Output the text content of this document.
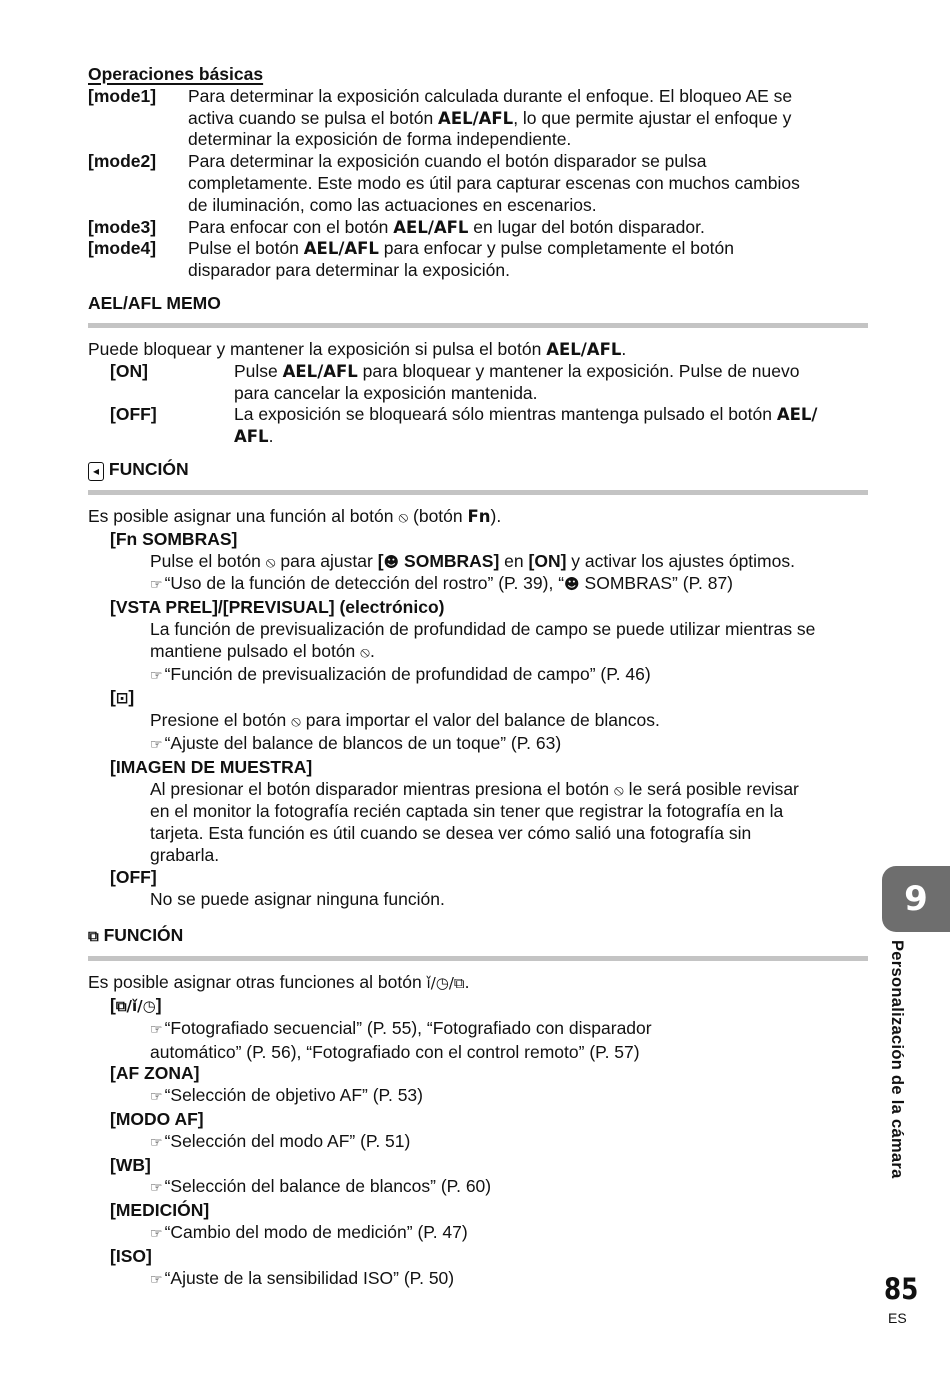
Operaciones básicas
[mode1]	Para determinar la exposición calculada durante el enfoque. El bloqueo AE se
activa cuando se pulsa el botón AEL/AFL, lo que permite ajustar el enfoque y
determinar la exposición de forma independiente.

[mode2]	Para determinar la exposición cuando el botón disparador se pulsa
completamente. Este modo es útil para capturar escenas con muchos cambios
de iluminación, como las actuaciones en escenarios.

[mode3]	Para enfocar con el botón AEL/AFL en lugar del botón disparador.

[mode4]	Pulse el botón AEL/AFL para enfocar y pulse completamente el botón
disparador para determinar la exposición.
AEL/AFL MEMO
Puede bloquear y mantener la exposición si pulsa el botón AEL/AFL.
[ON]	Pulse AEL/AFL para bloquear y mantener la exposición. Pulse de nuevo
para cancelar la exposición mantenida.

[OFF]	La exposición se bloqueará sólo mientras mantenga pulsado el botón AEL/
AFL.
◂ FUNCIÓN
Es posible asignar una función al botón ⦸ (botón Fn).
[Fn SOMBRAS]
Pulse el botón ⦸ para ajustar [☻ SOMBRAS] en [ON] y activar los ajustes óptimos.
☞ “Uso de la función de detección del rostro” (P. 39), “☻ SOMBRAS” (P. 87)
[VSTA PREL]/[PREVISUAL] (electrónico)
La función de previsualización de profundidad de campo se puede utilizar mientras se
mantiene pulsado el botón ⦸.
☞ “Función de previsualización de profundidad de campo” (P. 46)
[⊡]
Presione el botón ⦸ para importar el valor del balance de blancos.
☞ “Ajuste del balance de blancos de un toque” (P. 63)
[IMAGEN DE MUESTRA]
Al presionar el botón disparador mientras presiona el botón ⦸ le será posible revisar
en el monitor la fotografía recién captada sin tener que registrar la fotografía en la
tarjeta. Esta función es útil cuando se desea ver cómo salió una fotografía sin
grabarla.
[OFF]
No se puede asignar ninguna función.
⧉ FUNCIÓN
Es posible asignar otras funciones al botón ǐ/◷/⧉.
[⧉/ǐ/◷]
☞ “Fotografiado secuencial” (P. 55), “Fotografiado con disparador
automático” (P. 56), “Fotografiado con el control remoto” (P. 57)
[AF ZONA]
☞ “Selección de objetivo AF” (P. 53)
[MODO AF]
☞ “Selección del modo AF” (P. 51)
[WB]
☞ “Selección del balance de blancos” (P. 60)
[MEDICIÓN]
☞ “Cambio del modo de medición” (P. 47)
[ISO]
☞ “Ajuste de la sensibilidad ISO” (P. 50)
9
Personalización de la cámara
85
ES
